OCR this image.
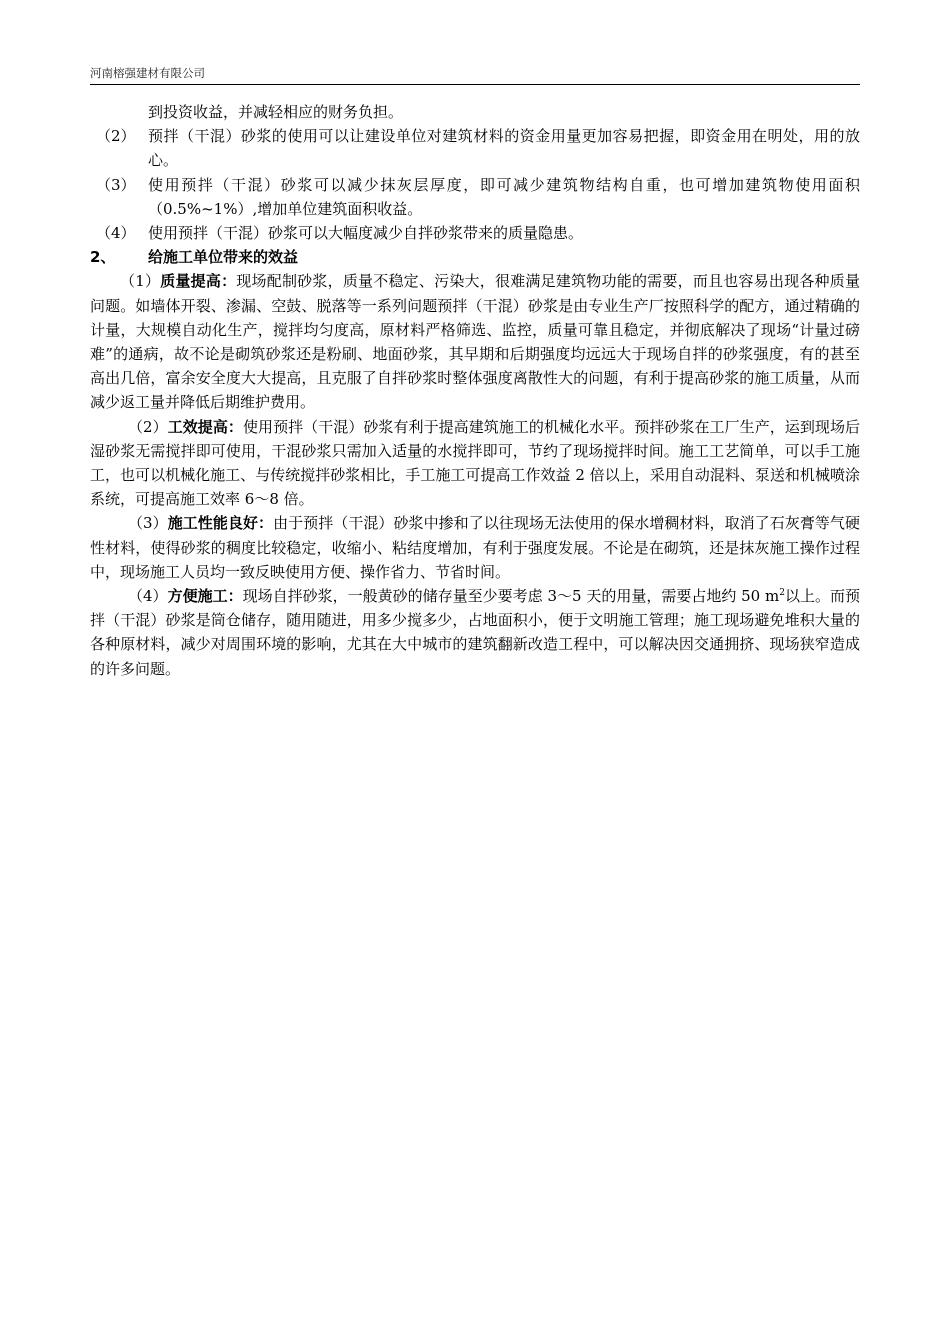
河南榕强建材有限公司

到投资收益，并减轻相应的财务负担。

（2） 预拌（干混）砂浆的使用可以让建设单位对建筑材料的资金用量更加容易把握，即资金用在明处，用的放心。
（3） 使用预拌（干混）砂浆可以减少抹灰层厚度，即可减少建筑物结构自重，也可增加建筑物使用面积（0.5%~1%）,增加单位建筑面积收益。
（4） 使用预拌（干混）砂浆可以大幅度减少自拌砂浆带来的质量隐患。
2、	给施工单位带来的效益

（1）质量提高：现场配制砂浆，质量不稳定、污染大，很难满足建筑物功能的需要，而且也容易出现各种质量问题。如墙体开裂、渗漏、空鼓、脱落等一系列问题预拌（干混）砂浆是由专业生产厂按照科学的配方，通过精确的计量，大规模自动化生产，搅拌均匀度高，原材料严格筛选、监控，质量可靠且稳定，并彻底解决了现场“计量过磅难”的通病，故不论是砌筑砂浆还是粉刷、地面砂浆，其早期和后期强度均远远大于现场自拌的砂浆强度，有的甚至高出几倍，富余安全度大大提高，且克服了自拌砂浆时整体强度离散性大的问题，有利于提高砂浆的施工质量，从而减少返工量并降低后期维护费用。

（2）工效提高：使用预拌（干混）砂浆有利于提高建筑施工的机械化水平。预拌砂浆在工厂生产，运到现场后湿砂浆无需搅拌即可使用，干混砂浆只需加入适量的水搅拌即可，节约了现场搅拌时间。施工工艺简单，可以手工施工，也可以机械化施工、与传统搅拌砂浆相比，手工施工可提高工作效益 2 倍以上，采用自动混料、泵送和机械喷涂系统，可提高施工效率 6～8 倍。

（3）施工性能良好：由于预拌（干混）砂浆中掺和了以往现场无法使用的保水增稠材料，取消了石灰膏等气硬性材料，使得砂浆的稠度比较稳定，收缩小、粘结度增加，有利于强度发展。不论是在砌筑，还是抹灰施工操作过程中，现场施工人员均一致反映使用方便、操作省力、节省时间。

（4）方便施工：现场自拌砂浆，一般黄砂的储存量至少要考虑 3～5 天的用量，需要占地约 50 $m^2$以上。而预拌（干混）砂浆是筒仓储存，随用随进，用多少搅多少，占地面积小，便于文明施工管理；施工现场避免堆积大量的各种原材料，减少对周围环境的影响，尤其在大中城市的建筑翻新改造工程中，可以解决因交通拥挤、现场狭窄造成的许多问题。
